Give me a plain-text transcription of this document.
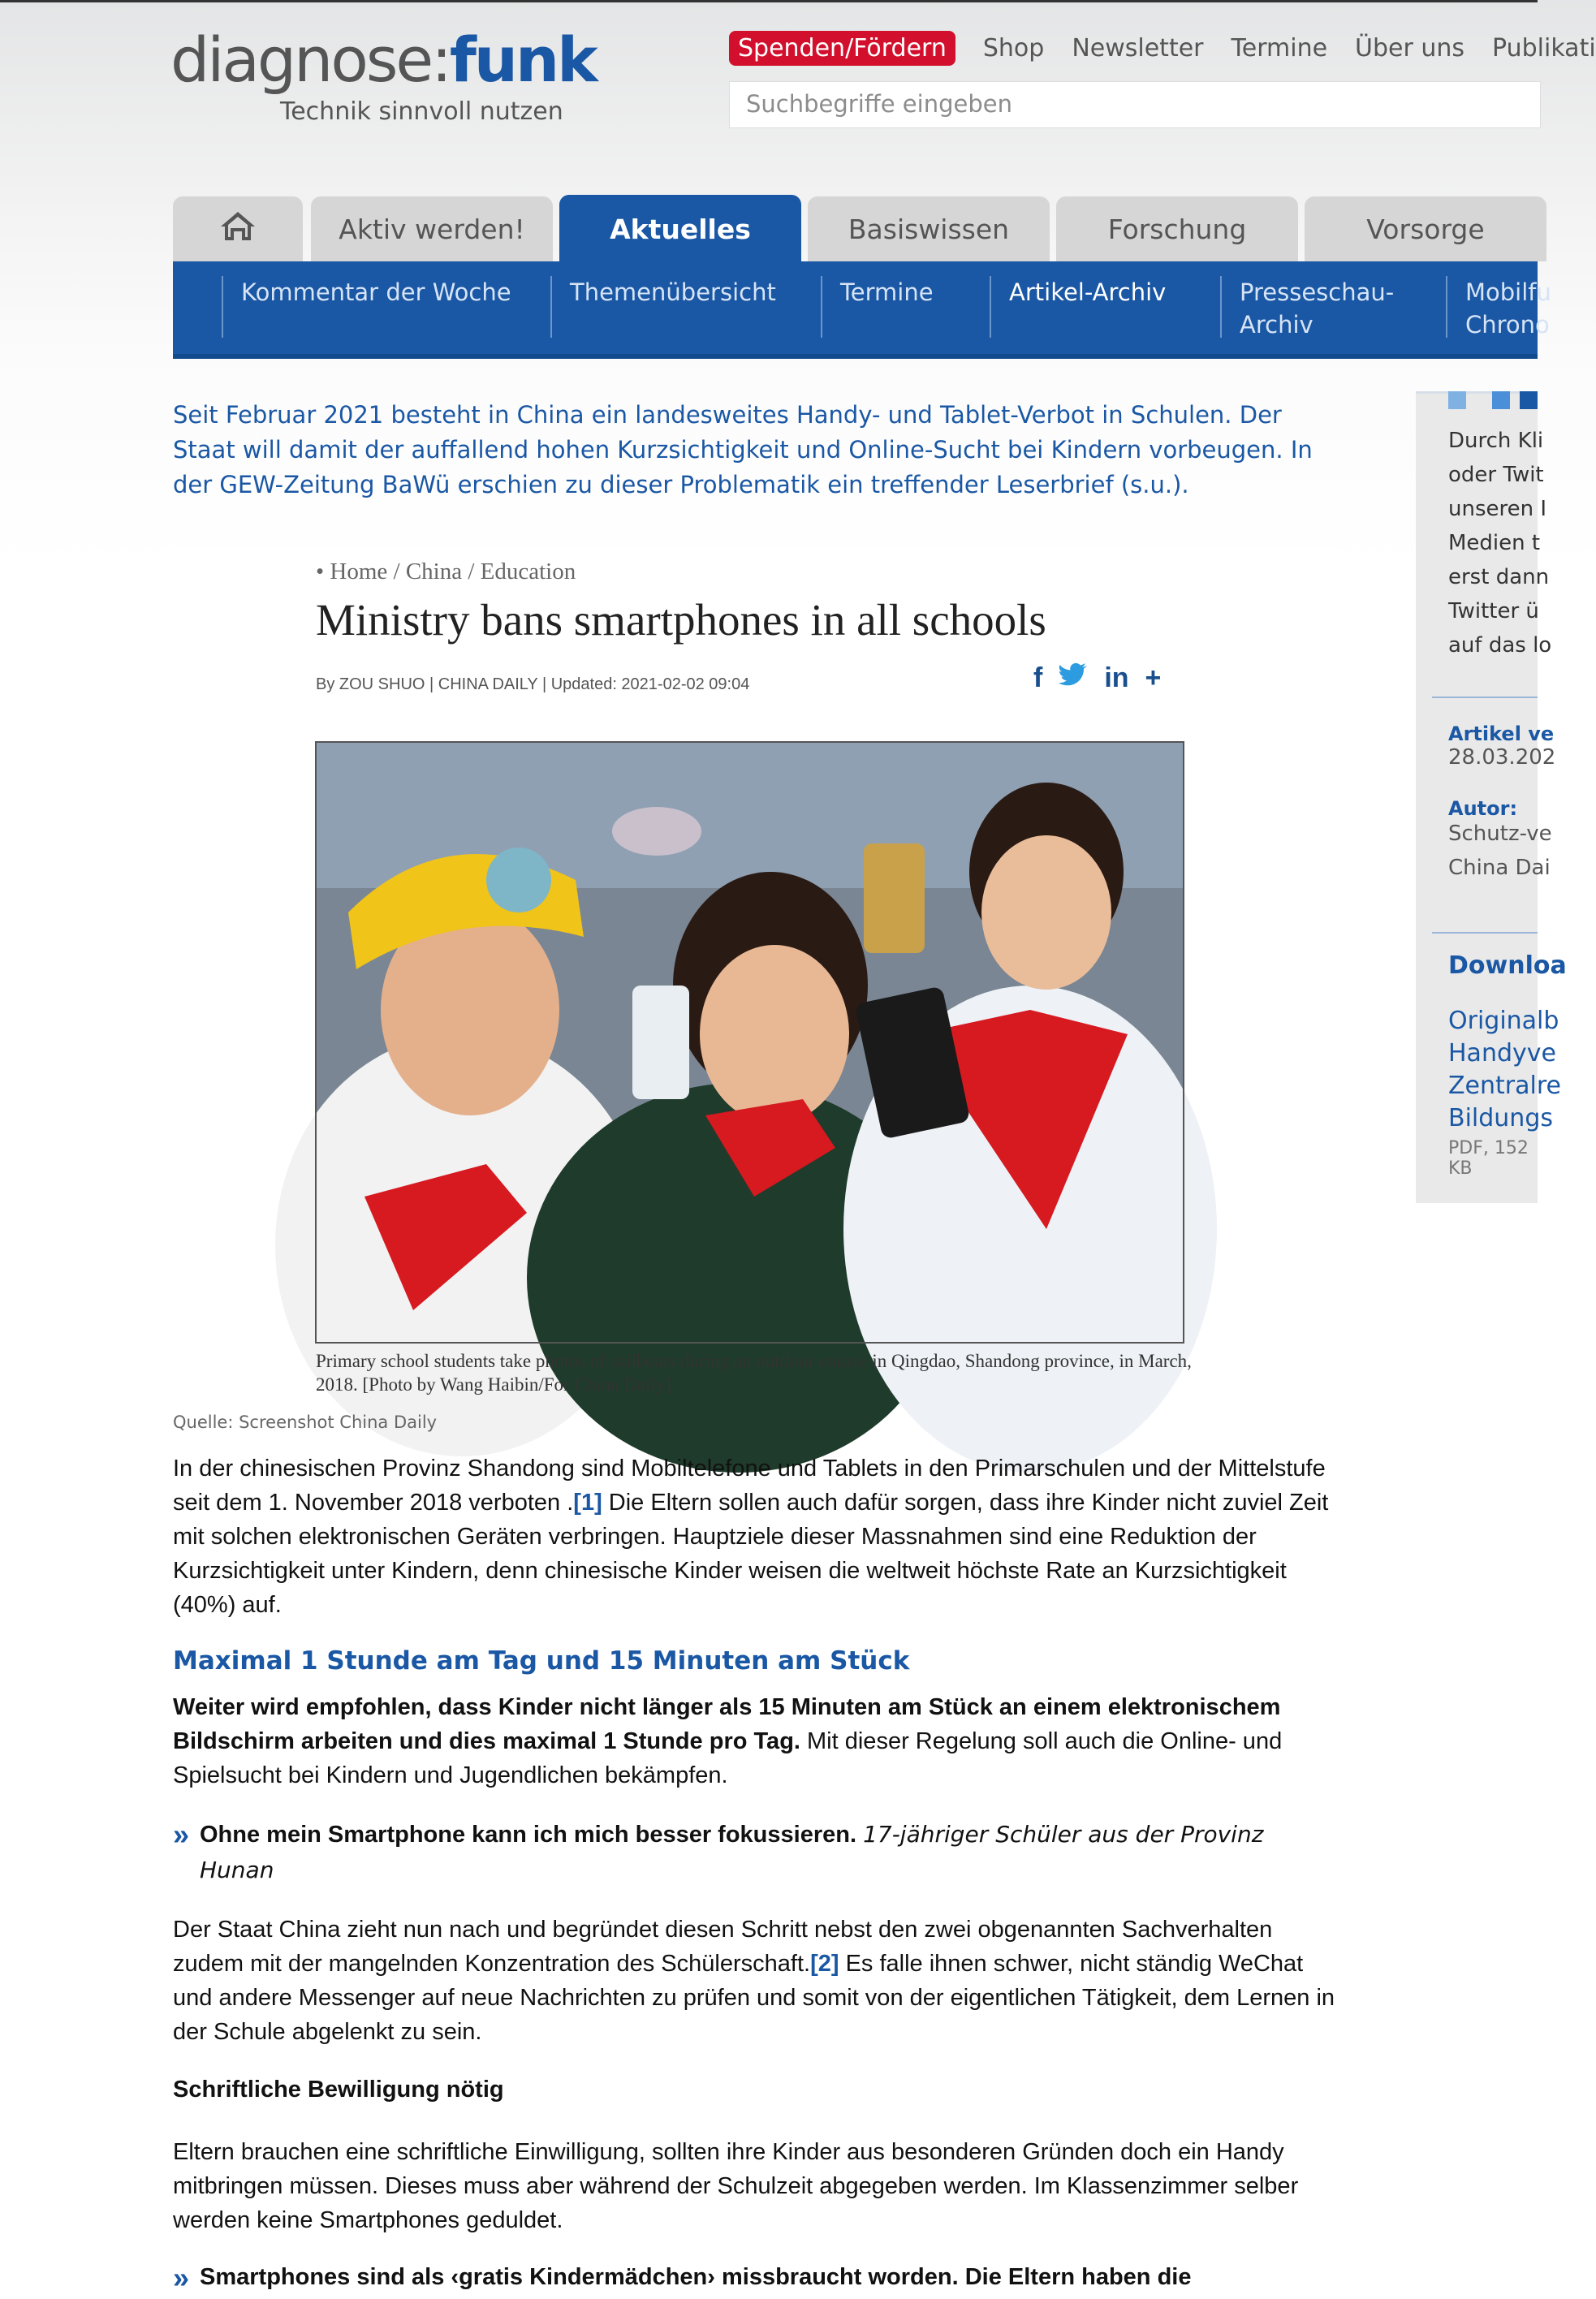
diagnose:funk
Technik sinnvoll nutzen
Spenden/Fördern	Shop Newsletter Termine Über uns Publikati
Suchbegriffe eingeben
Aktiv werden!	Aktuelles	Basiswissen	Forschung	Vorsorge
Kommentar der Woche	Themenübersicht	Termine	Artikel-Archiv	Presseschau-
Archiv
Mobilfu
Chrono
Seit Februar 2021 besteht in China ein landesweites Handy- und Tablet-Verbot in Schulen. Der Staat will damit der auffallend hohen Kurzsichtigkeit und Online-Sucht bei Kindern vorbeugen. In der GEW-Zeitung BaWü erschien zu dieser Problematik ein treffender Leserbrief (s.u.).
• Home / China / Education
Ministry bans smartphones in all schools
By ZOU SHUO | CHINA DAILY | Updated: 2021-02-02 09:04	f in +
Primary school students take photos of sailboats during an outdoor course in Qingdao, Shandong province, in March, 2018. [Photo by Wang Haibin/For China Daily]
Quelle: Screenshot China Daily
In der chinesischen Provinz Shandong sind Mobiltelefone und Tablets in den Primarschulen und der Mittelstufe seit dem 1. November 2018 verboten .[1] Die Eltern sollen auch dafür sorgen, dass ihre Kinder nicht zuviel Zeit mit solchen elektronischen Geräten verbringen. Hauptziele dieser Massnahmen sind eine Reduktion der Kurzsichtigkeit unter Kindern, denn chinesische Kinder weisen die weltweit höchste Rate an Kurzsichtigkeit (40%) auf.
Maximal 1 Stunde am Tag und 15 Minuten am Stück
Weiter wird empfohlen, dass Kinder nicht länger als 15 Minuten am Stück an einem elektronischem Bildschirm arbeiten und dies maximal 1 Stunde pro Tag. Mit dieser Regelung soll auch die Online- und Spielsucht bei Kindern und Jugendlichen bekämpfen.
» Ohne mein Smartphone kann ich mich besser fokussieren. 17-jähriger Schüler aus der Provinz Hunan
Der Staat China zieht nun nach und begründet diesen Schritt nebst den zwei obgenannten Sachverhalten zudem mit der mangelnden Konzentration des Schülerschaft.[2] Es falle ihnen schwer, nicht ständig WeChat und andere Messenger auf neue Nachrichten zu prüfen und somit von der eigentlichen Tätigkeit, dem Lernen in der Schule abgelenkt zu sein.
Schriftliche Bewilligung nötig
Eltern brauchen eine schriftliche Einwilligung, sollten ihre Kinder aus besonderen Gründen doch ein Handy mitbringen müssen. Dieses muss aber während der Schulzeit abgegeben werden. Im Klassenzimmer selber werden keine Smartphones geduldet.
» Smartphones sind als ‹gratis Kindermädchen› missbraucht worden. Die Eltern haben die
Durch Kli
oder Twit
unseren I
Medien t
erst dann
Twitter ü
auf das lo
Artikel ve
28.03.202
Autor:
Schutz-ve
China Dai
Downloa
Originalb
Handyve
Zentralre
Bildungs
PDF, 152 KB
